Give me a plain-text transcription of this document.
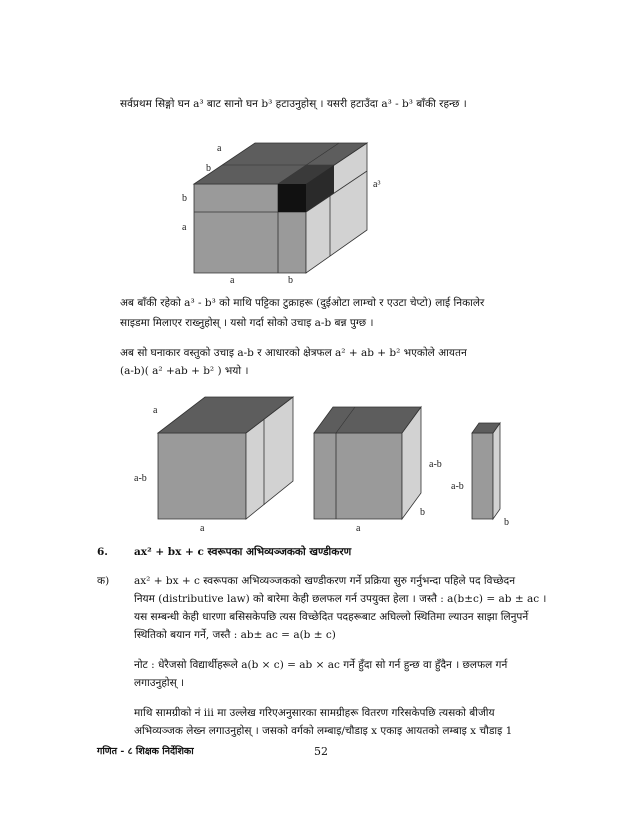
सर्वप्रथम सिङ्गो घन a³ बाट सानो घन b³ हटाउनुहोस् । यसरी हटाउँदा a³ - b³ बाँकी रहन्छ ।
a
b
b
a
a	b
a³
a
a-b
a	a
a-b
b
a-b
b
अब बाँकी रहेको a³ - b³ को माथि पट्टिका टुक्राहरू (दुईओटा लाम्चो र एउटा चेप्टो) लाई निकालेर
साइडमा मिलाएर राख्नुहोस् । यसो गर्दा सोको उचाइ a-b बन्न पुग्छ ।
अब सो घनाकार वस्तुको उचाइ a-b र आधारको क्षेत्रफल a² + ab + b² भएकोले आयतन
(a-b)( a² +ab + b² ) भयो ।
6. ax² + bx + c स्वरूपका अभिव्यञ्जकको खण्डीकरण
क) ax² + bx + c स्वरूपका अभिव्यञ्जकको खण्डीकरण गर्ने प्रक्रिया सुरु गर्नुभन्दा पहिले पद विच्छेदन
नियम (distributive law) को बारेमा केही छलफल गर्न उपयुक्त हेला । जस्तै : a(b±c) = ab ± ac ।
यस सम्बन्धी केही धारणा बसिसकेपछि त्यस विच्छेदित पदहरूबाट अघिल्लो स्थितिमा ल्याउन साझा लिनुपर्ने
स्थितिको बयान गर्ने, जस्तै : ab± ac = a(b ± c)
नोट : धेरैजसो विद्यार्थीहरूले a(b × c) = ab × ac गर्ने हुँदा सो गर्न हुन्छ वा हुँदैन । छलफल गर्न
लगाउनुहोस् ।
माथि सामग्रीको नं iii मा उल्लेख गरिएअनुसारका सामग्रीहरू वितरण गरिसकेपछि त्यसको बीजीय
अभिव्यञ्जक लेख्न लगाउनुहोस् । जसको वर्गको लम्बाइ/चौडाइ x एकाइ आयतको लम्बाइ x चौडाइ 1
गणित - ८ शिक्षक निर्देशिका	52
